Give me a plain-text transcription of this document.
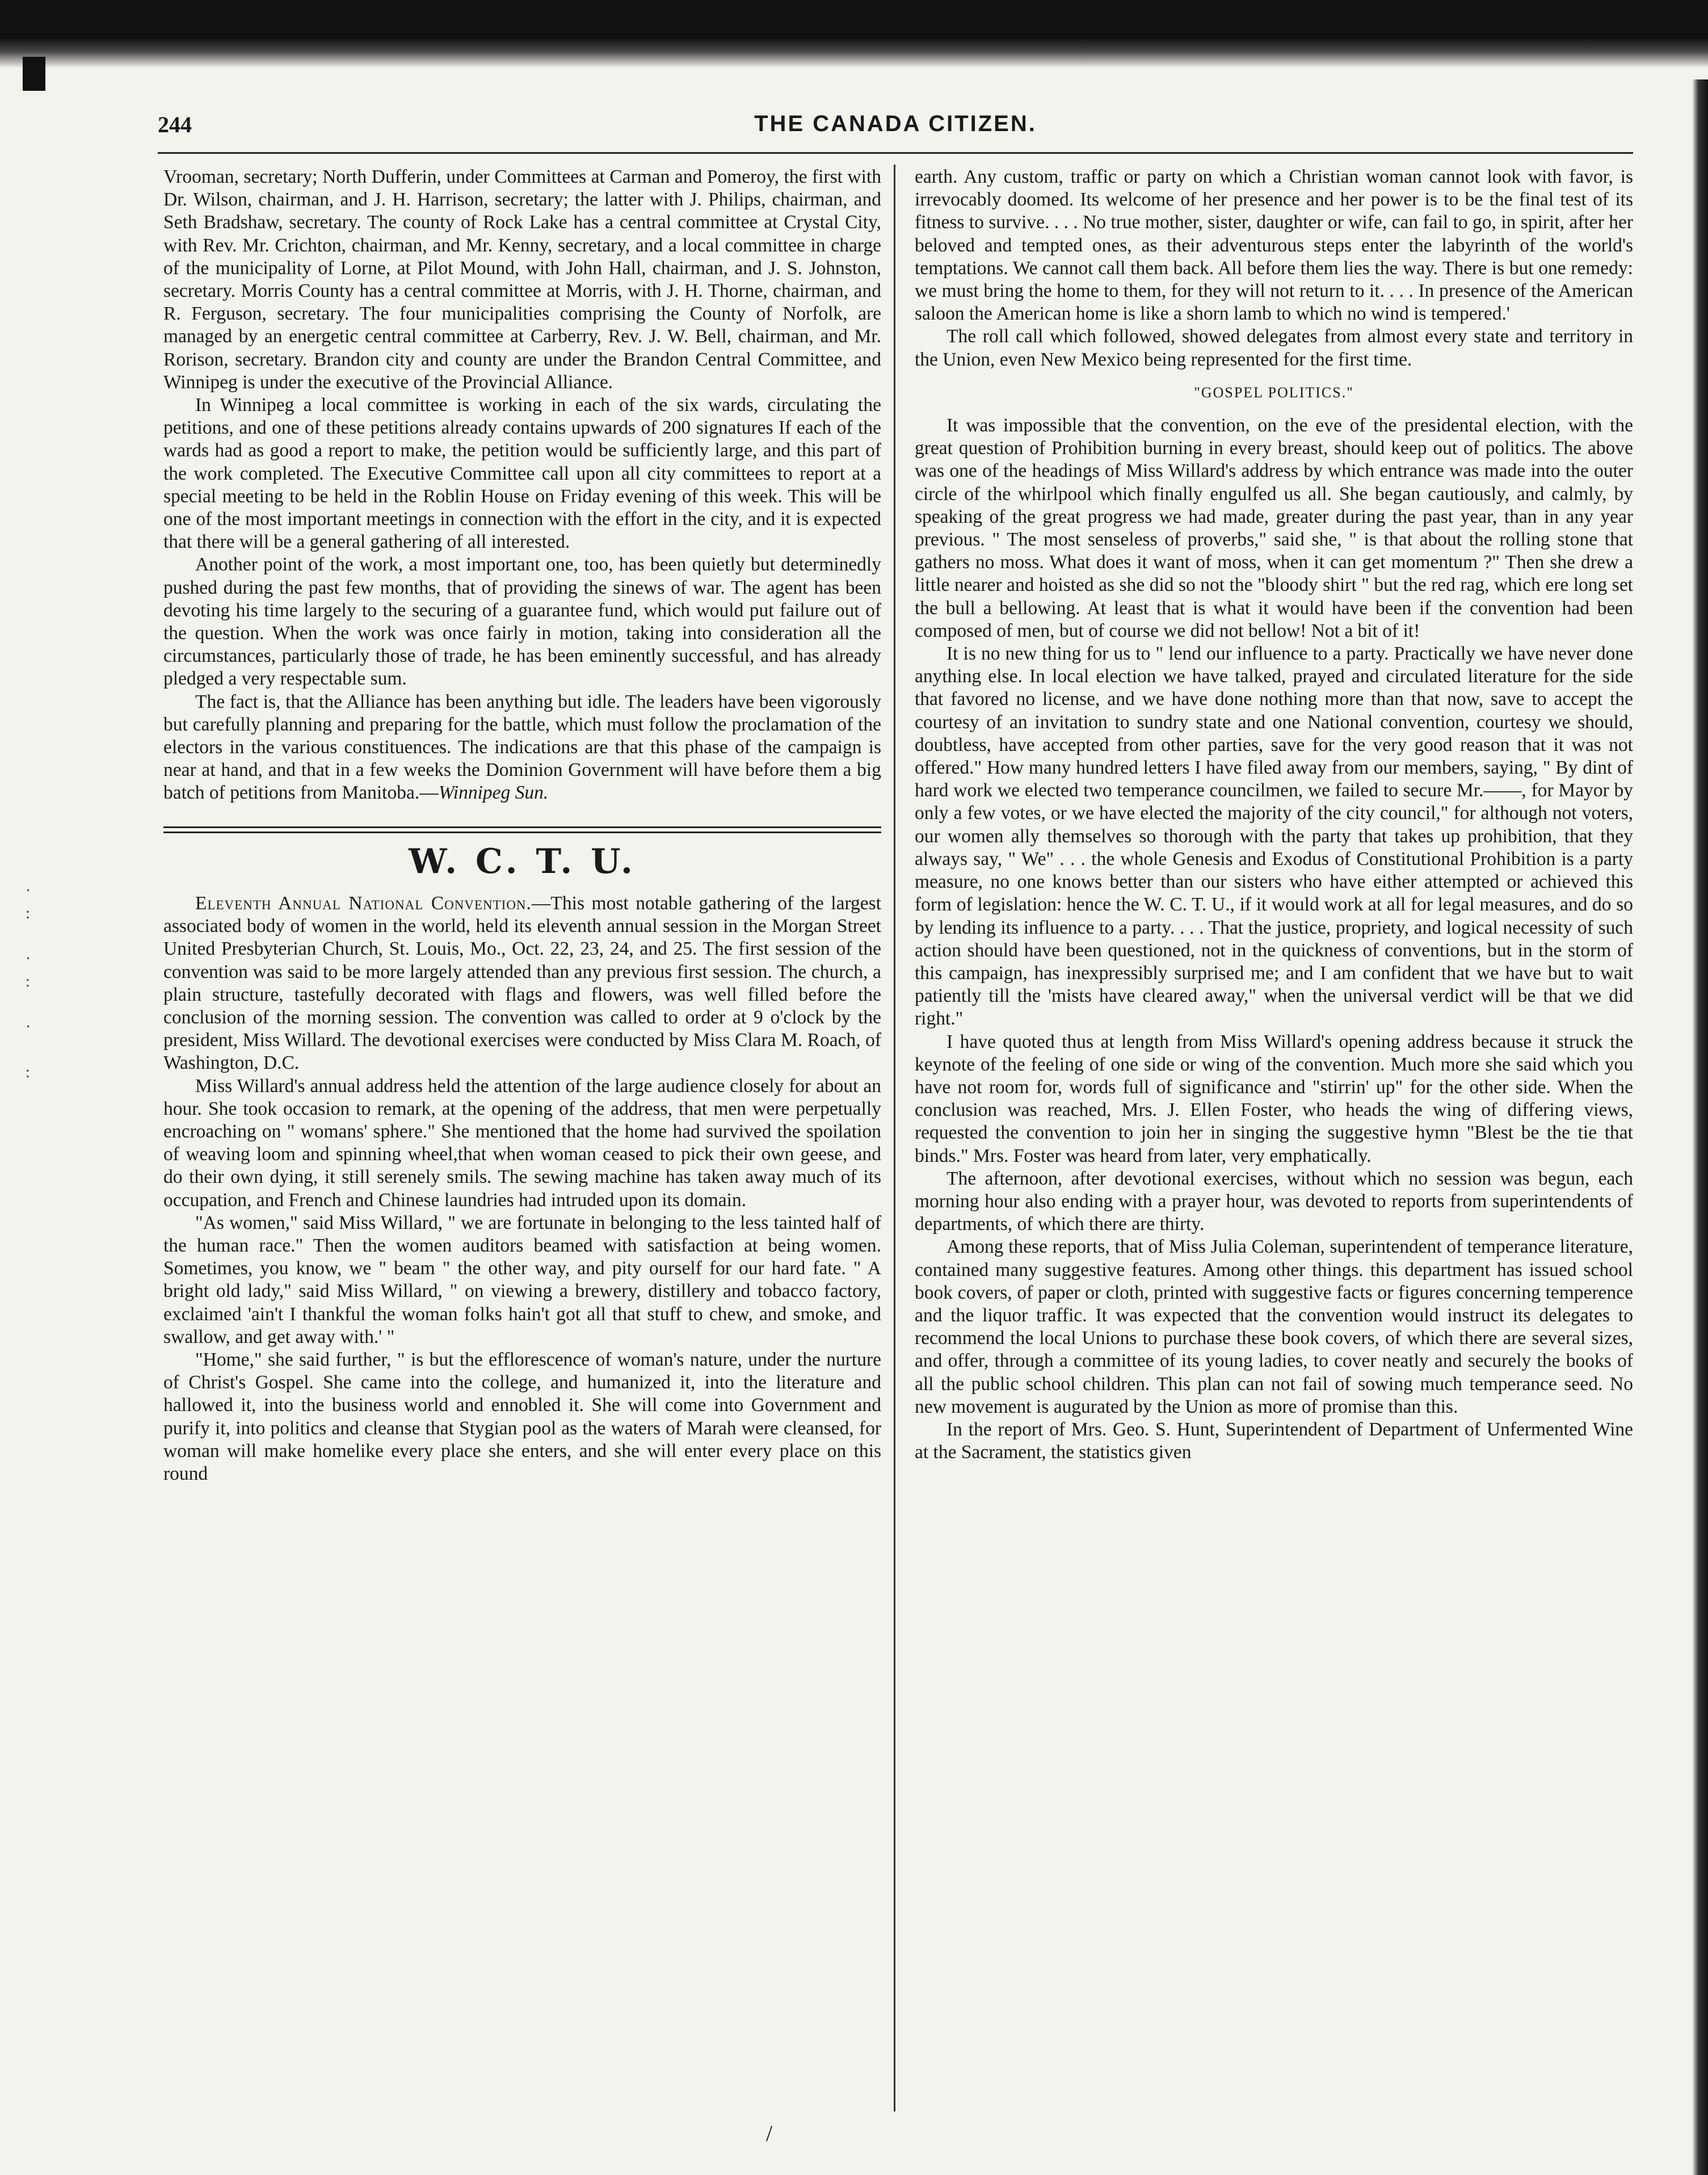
THE CANADA CITIZEN.
244
·
:

·
:

·

:

Vrooman, secretary; North Dufferin, under Committees at Carman and Pomeroy, the first with Dr. Wilson, chairman, and J. H. Harrison, secretary; the latter with J. Philips, chairman, and Seth Bradshaw, secretary. The county of Rock Lake has a central committee at Crystal City, with Rev. Mr. Crichton, chairman, and Mr. Kenny, secretary, and a local committee in charge of the municipality of Lorne, at Pilot Mound, with John Hall, chairman, and J. S. Johnston, secretary. Morris County has a central committee at Morris, with J. H. Thorne, chairman, and R. Ferguson, secretary. The four municipalities comprising the County of Norfolk, are managed by an energetic central committee at Carberry, Rev. J. W. Bell, chairman, and Mr. Rorison, secretary. Brandon city and county are under the Brandon Central Committee, and Winnipeg is under the executive of the Provincial Alliance.

In Winnipeg a local committee is working in each of the six wards, circulating the petitions, and one of these petitions already contains upwards of 200 signatures If each of the wards had as good a report to make, the petition would be sufficiently large, and this part of the work completed. The Executive Committee call upon all city committees to report at a special meeting to be held in the Roblin House on Friday evening of this week. This will be one of the most important meetings in connection with the effort in the city, and it is expected that there will be a general gathering of all interested.

Another point of the work, a most important one, too, has been quietly but determinedly pushed during the past few months, that of providing the sinews of war. The agent has been devoting his time largely to the securing of a guarantee fund, which would put failure out of the question. When the work was once fairly in motion, taking into consideration all the circumstances, particularly those of trade, he has been eminently successful, and has already pledged a very respectable sum.

The fact is, that the Alliance has been anything but idle. The leaders have been vigorously but carefully planning and preparing for the battle, which must follow the proclamation of the electors in the various constituences. The indications are that this phase of the campaign is near at hand, and that in a few weeks the Dominion Government will have before them a big batch of petitions from Manitoba.—Winnipeg Sun.

W. C. T. U.

Eleventh Annual National Convention.—This most notable gathering of the largest associated body of women in the world, held its eleventh annual session in the Morgan Street United Presbyterian Church, St. Louis, Mo., Oct. 22, 23, 24, and 25. The first session of the convention was said to be more largely attended than any previous first session. The church, a plain structure, tastefully decorated with flags and flowers, was well filled before the conclusion of the morning session. The convention was called to order at 9 o'clock by the president, Miss Willard. The devotional exercises were conducted by Miss Clara M. Roach, of Washington, D.C.

Miss Willard's annual address held the attention of the large audience closely for about an hour. She took occasion to remark, at the opening of the address, that men were perpetually encroaching on " womans' sphere." She mentioned that the home had survived the spoilation of weaving loom and spinning wheel,that when woman ceased to pick their own geese, and do their own dying, it still serenely smils. The sewing machine has taken away much of its occupation, and French and Chinese laundries had intruded upon its domain.

"As women," said Miss Willard, " we are fortunate in belonging to the less tainted half of the human race." Then the women auditors beamed with satisfaction at being women. Sometimes, you know, we " beam " the other way, and pity ourself for our hard fate. " A bright old lady," said Miss Willard, " on viewing a brewery, distillery and tobacco factory, exclaimed 'ain't I thankful the woman folks hain't got all that stuff to chew, and smoke, and swallow, and get away with.' "

"Home," she said further, " is but the efflorescence of woman's nature, under the nurture of Christ's Gospel. She came into the college, and humanized it, into the literature and hallowed it, into the business world and ennobled it. She will come into Government and purify it, into politics and cleanse that Stygian pool as the waters of Marah were cleansed, for woman will make homelike every place she enters, and she will enter every place on this round

earth. Any custom, traffic or party on which a Christian woman cannot look with favor, is irrevocably doomed. Its welcome of her presence and her power is to be the final test of its fitness to survive. . . . No true mother, sister, daughter or wife, can fail to go, in spirit, after her beloved and tempted ones, as their adventurous steps enter the labyrinth of the world's temptations. We cannot call them back. All before them lies the way. There is but one remedy: we must bring the home to them, for they will not return to it. . . . In presence of the American saloon the American home is like a shorn lamb to which no wind is tempered.'

The roll call which followed, showed delegates from almost every state and territory in the Union, even New Mexico being represented for the first time.

"GOSPEL POLITICS."

It was impossible that the convention, on the eve of the presidental election, with the great question of Prohibition burning in every breast, should keep out of politics. The above was one of the headings of Miss Willard's address by which entrance was made into the outer circle of the whirlpool which finally engulfed us all. She began cautiously, and calmly, by speaking of the great progress we had made, greater during the past year, than in any year previous. " The most senseless of proverbs," said she, " is that about the rolling stone that gathers no moss. What does it want of moss, when it can get momentum ?" Then she drew a little nearer and hoisted as she did so not the "bloody shirt " but the red rag, which ere long set the bull a bellowing. At least that is what it would have been if the convention had been composed of men, but of course we did not bellow! Not a bit of it!

It is no new thing for us to " lend our influence to a party. Practically we have never done anything else. In local election we have talked, prayed and circulated literature for the side that favored no license, and we have done nothing more than that now, save to accept the courtesy of an invitation to sundry state and one National convention, courtesy we should, doubtless, have accepted from other parties, save for the very good reason that it was not offered." How many hundred letters I have filed away from our members, saying, " By dint of hard work we elected two temperance councilmen, we failed to secure Mr.——, for Mayor by only a few votes, or we have elected the majority of the city council," for although not voters, our women ally themselves so thorough with the party that takes up prohibition, that they always say, " We" . . . the whole Genesis and Exodus of Constitutional Prohibition is a party measure, no one knows better than our sisters who have either attempted or achieved this form of legislation: hence the W. C. T. U., if it would work at all for legal measures, and do so by lending its influence to a party. . . . That the justice, propriety, and logical necessity of such action should have been questioned, not in the quickness of conventions, but in the storm of this campaign, has inexpressibly surprised me; and I am confident that we have but to wait patiently till the 'mists have cleared away," when the universal verdict will be that we did right."

I have quoted thus at length from Miss Willard's opening address because it struck the keynote of the feeling of one side or wing of the convention. Much more she said which you have not room for, words full of significance and "stirrin' up" for the other side. When the conclusion was reached, Mrs. J. Ellen Foster, who heads the wing of differing views, requested the convention to join her in singing the suggestive hymn "Blest be the tie that binds." Mrs. Foster was heard from later, very emphatically.

The afternoon, after devotional exercises, without which no session was begun, each morning hour also ending with a prayer hour, was devoted to reports from superintendents of departments, of which there are thirty.

Among these reports, that of Miss Julia Coleman, superintendent of temperance literature, contained many suggestive features. Among other things. this department has issued school book covers, of paper or cloth, printed with suggestive facts or figures concerning temperence and the liquor traffic. It was expected that the convention would instruct its delegates to recommend the local Unions to purchase these book covers, of which there are several sizes, and offer, through a committee of its young ladies, to cover neatly and securely the books of all the public school children. This plan can not fail of sowing much temperance seed. No new movement is augurated by the Union as more of promise than this.

In the report of Mrs. Geo. S. Hunt, Superintendent of Department of Unfermented Wine at the Sacrament, the statistics given

/
